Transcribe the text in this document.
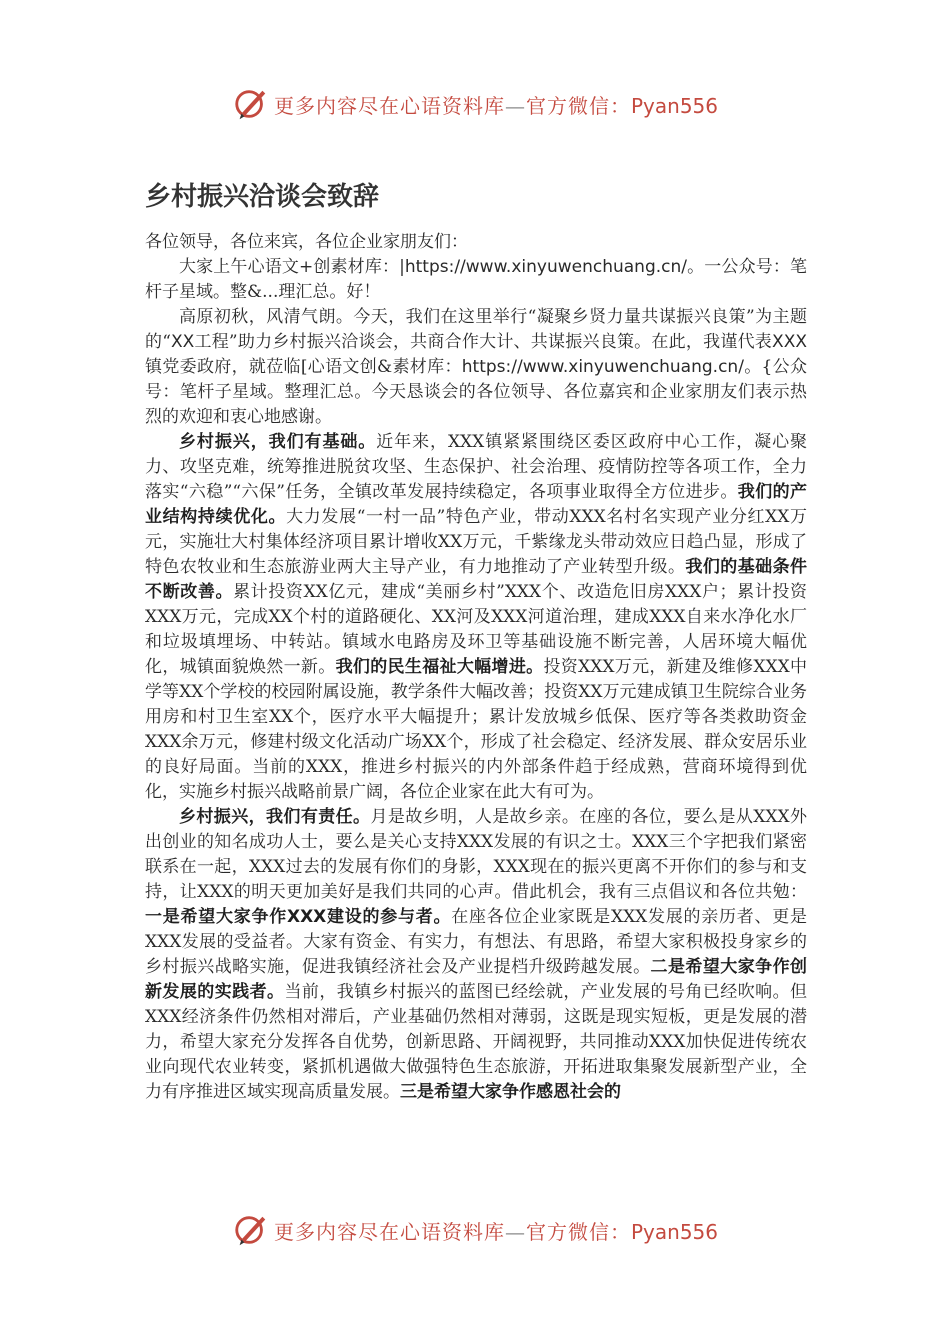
更多内容尽在心语资料库—官方微信：Pyan556
乡村振兴洽谈会致辞

各位领导，各位来宾，各位企业家朋友们：

大家上午心语文+创素材库：|https://www.xinyuwenchuang.cn/。一公众号：笔杆子星域。整&...理汇总。好！

高原初秋，风清气朗。今天，我们在这里举行“凝聚乡贤力量共谋振兴良策”为主题的“XX工程”助力乡村振兴洽谈会，共商合作大计、共谋振兴良策。在此，我谨代表XXX镇党委政府，就莅临[心语文创&素材库：https://www.xinyuwenchuang.cn/。{公众号：笔杆子星域。整理汇总。今天恳谈会的各位领导、各位嘉宾和企业家朋友们表示热烈的欢迎和衷心地感谢。

乡村振兴，我们有基础。近年来，XXX镇紧紧围绕区委区政府中心工作，凝心聚力、攻坚克难，统筹推进脱贫攻坚、生态保护、社会治理、疫情防控等各项工作，全力落实“六稳”“六保”任务，全镇改革发展持续稳定，各项事业取得全方位进步。我们的产业结构持续优化。大力发展“一村一品”特色产业，带动XXX名村名实现产业分红XX万元，实施壮大村集体经济项目累计增收XX万元，千紫缘龙头带动效应日趋凸显，形成了特色农牧业和生态旅游业两大主导产业，有力地推动了产业转型升级。我们的基础条件不断改善。累计投资XX亿元，建成“美丽乡村”XXX个、改造危旧房XXX户；累计投资XXX万元，完成XX个村的道路硬化、XX河及XXX河道治理，建成XXX自来水净化水厂和垃圾填埋场、中转站。镇域水电路房及环卫等基础设施不断完善，人居环境大幅优化，城镇面貌焕然一新。我们的民生福祉大幅增进。投资XXX万元，新建及维修XXX中学等XX个学校的校园附属设施，教学条件大幅改善；投资XX万元建成镇卫生院综合业务用房和村卫生室XX个，医疗水平大幅提升；累计发放城乡低保、医疗等各类救助资金XXX余万元，修建村级文化活动广场XX个，形成了社会稳定、经济发展、群众安居乐业的良好局面。当前的XXX，推进乡村振兴的内外部条件趋于经成熟，营商环境得到优化，实施乡村振兴战略前景广阔，各位企业家在此大有可为。

乡村振兴，我们有责任。月是故乡明，人是故乡亲。在座的各位，要么是从XXX外出创业的知名成功人士，要么是关心支持XXX发展的有识之士。XXX三个字把我们紧密联系在一起，XXX过去的发展有你们的身影，XXX现在的振兴更离不开你们的参与和支持，让XXX的明天更加美好是我们共同的心声。借此机会，我有三点倡议和各位共勉：一是希望大家争作XXX建设的参与者。在座各位企业家既是XXX发展的亲历者、更是XXX发展的受益者。大家有资金、有实力，有想法、有思路，希望大家积极投身家乡的乡村振兴战略实施，促进我镇经济社会及产业提档升级跨越发展。二是希望大家争作创新发展的实践者。当前，我镇乡村振兴的蓝图已经绘就，产业发展的号角已经吹响。但XXX经济条件仍然相对滞后，产业基础仍然相对薄弱，这既是现实短板，更是发展的潜力，希望大家充分发挥各自优势，创新思路、开阔视野，共同推动XXX加快促进传统农业向现代农业转变，紧抓机遇做大做强特色生态旅游，开拓进取集聚发展新型产业，全力有序推进区域实现高质量发展。三是希望大家争作感恩社会的

更多内容尽在心语资料库—官方微信：Pyan556
